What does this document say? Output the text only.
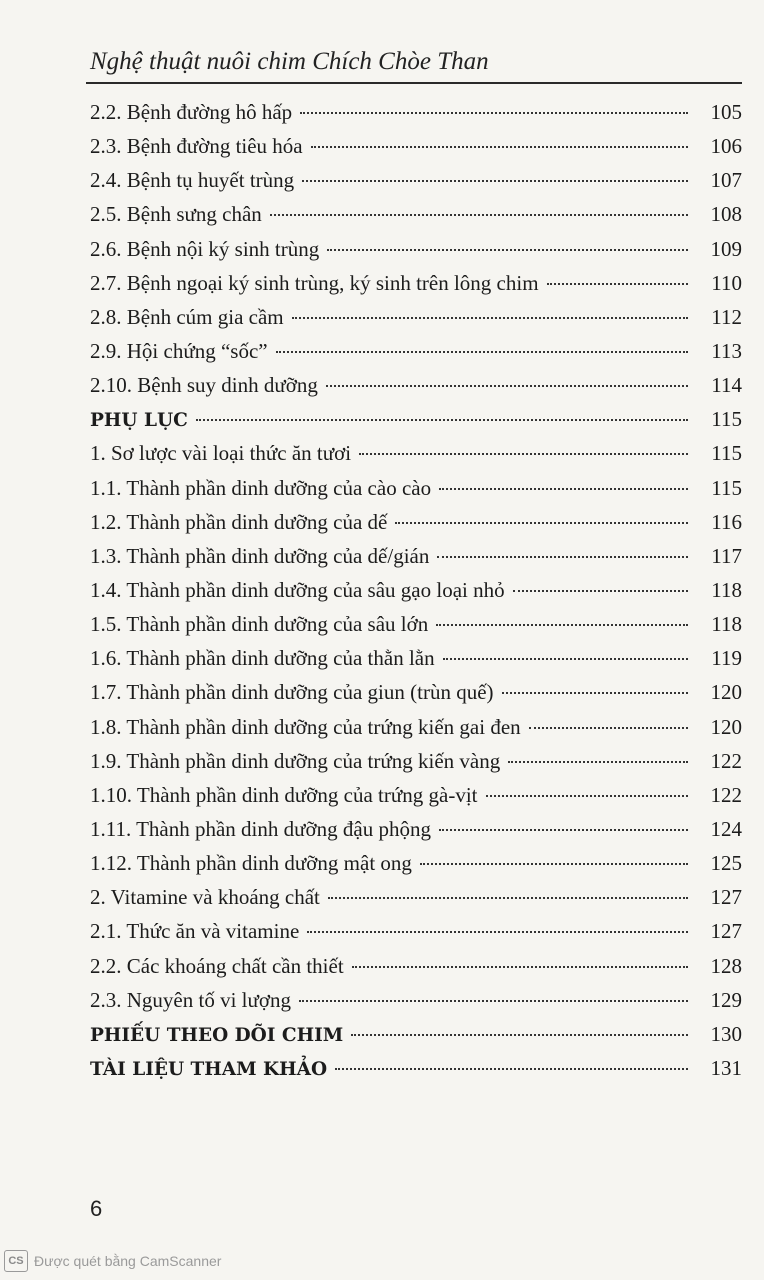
Nghệ thuật nuôi chim Chích Chòe Than
2.2. Bệnh đường hô hấp	105
2.3. Bệnh đường tiêu hóa	106
2.4. Bệnh tụ huyết trùng	107
2.5. Bệnh sưng chân	108
2.6. Bệnh nội ký sinh trùng	109
2.7. Bệnh ngoại ký sinh trùng, ký sinh trên lông chim	110
2.8. Bệnh cúm gia cầm	112
2.9. Hội chứng “sốc”	113
2.10. Bệnh suy dinh dưỡng	114
PHỤ LỤC	115
1. Sơ lược vài loại thức ăn tươi	115
1.1. Thành phần dinh dưỡng của cào cào	115
1.2. Thành phần dinh dưỡng của dế	116
1.3. Thành phần dinh dưỡng của dế/gián	117
1.4. Thành phần dinh dưỡng của sâu gạo loại nhỏ	118
1.5. Thành phần dinh dưỡng của sâu lớn	118
1.6. Thành phần dinh dưỡng của thằn lằn	119
1.7. Thành phần dinh dưỡng của giun (trùn quế)	120
1.8. Thành phần dinh dưỡng của trứng kiến gai đen	120
1.9. Thành phần dinh dưỡng của trứng kiến vàng	122
1.10. Thành phần dinh dưỡng của trứng gà-vịt	122
1.11. Thành phần dinh dưỡng đậu phộng	124
1.12. Thành phần dinh dưỡng mật ong	125
2. Vitamine và khoáng chất	127
2.1. Thức ăn và vitamine	127
2.2. Các khoáng chất cần thiết	128
2.3. Nguyên tố vi lượng	129
PHIẾU THEO DÕI CHIM	130
TÀI LIỆU THAM KHẢO	131
6
CS Được quét bằng CamScanner
